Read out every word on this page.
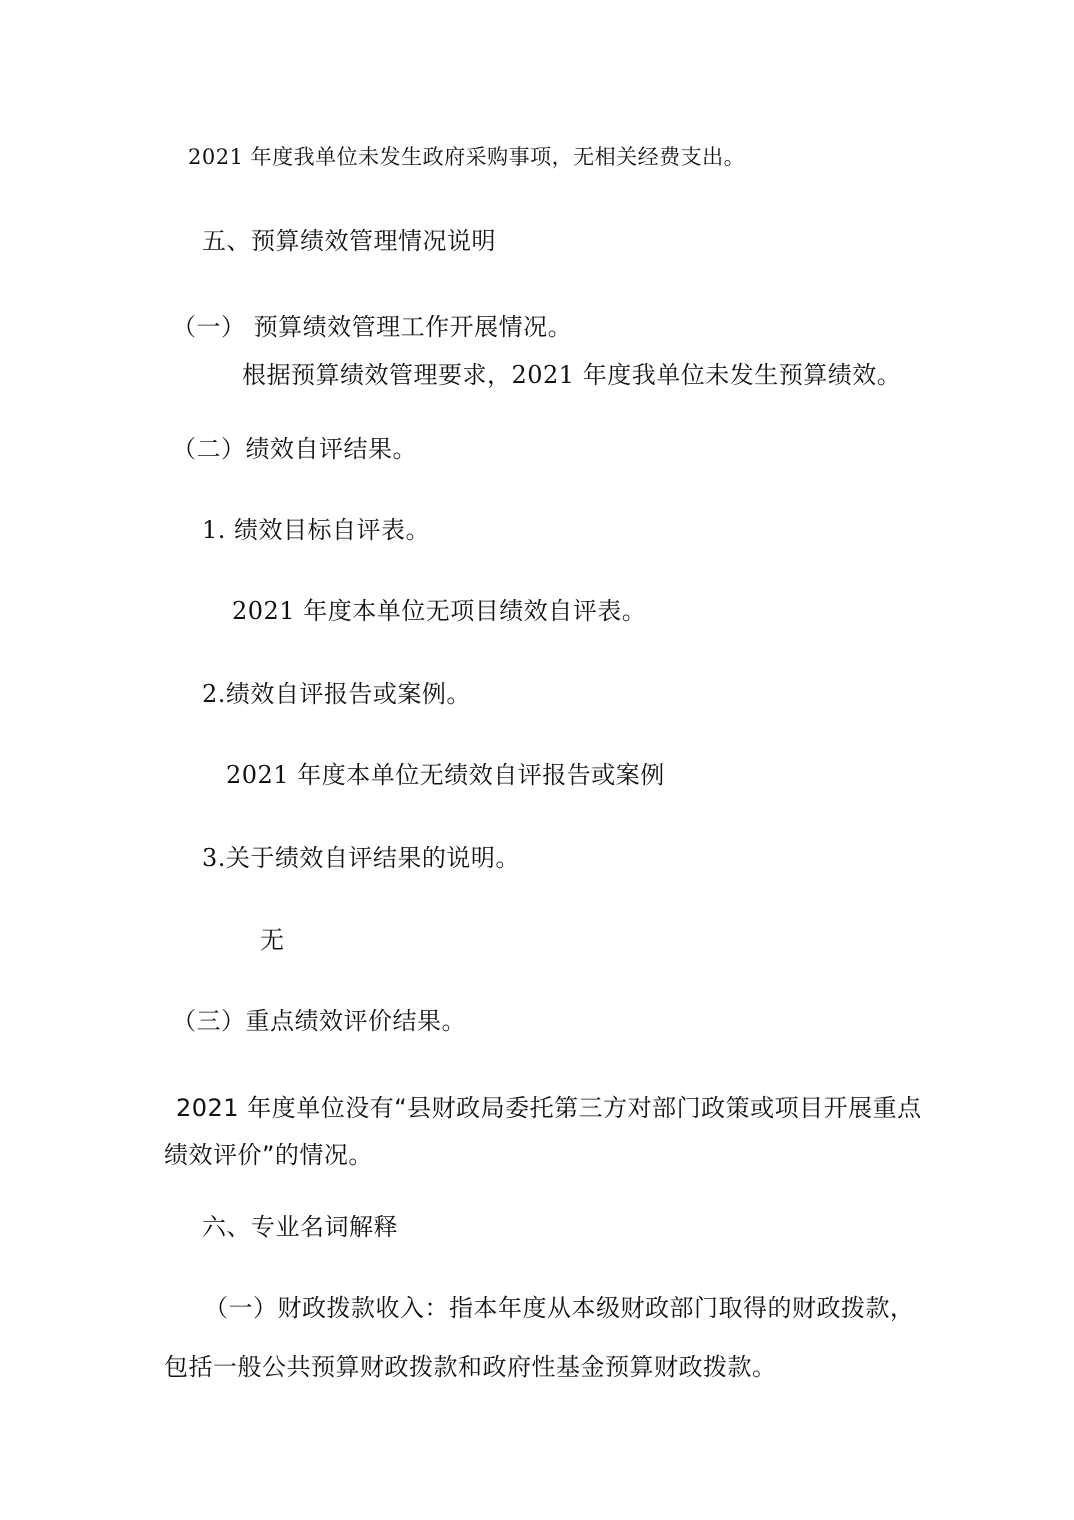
2021 年度我单位未发生政府采购事项，无相关经费支出。

五、预算绩效管理情况说明

（一） 预算绩效管理工作开展情况。

根据预算绩效管理要求，2021 年度我单位未发生预算绩效。

（二）绩效自评结果。

1. 绩效目标自评表。

2021 年度本单位无项目绩效自评表。

2.绩效自评报告或案例。

2021 年度本单位无绩效自评报告或案例

3.关于绩效自评结果的说明。

无

（三）重点绩效评价结果。

2021 年度单位没有“县财政局委托第三方对部门政策或项目开展重点

绩效评价”的情况。

六、专业名词解释

（一）财政拨款收入：指本年度从本级财政部门取得的财政拨款，

包括一般公共预算财政拨款和政府性基金预算财政拨款。
